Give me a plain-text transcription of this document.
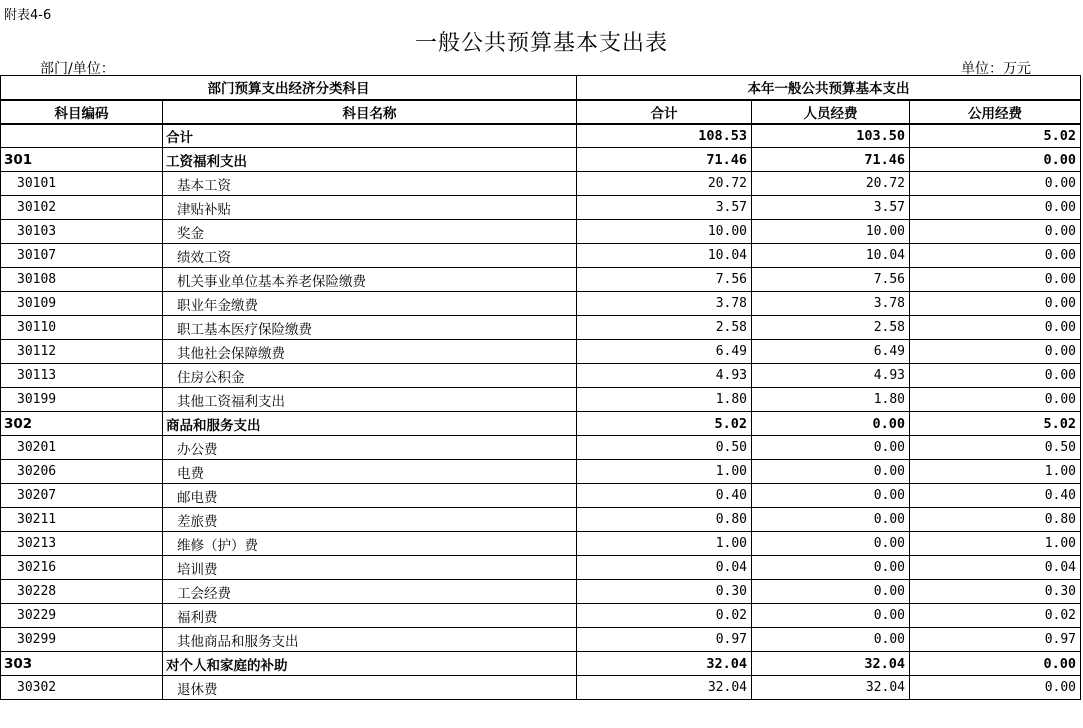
附表4-6
一般公共预算基本支出表
部门/单位：	单位：万元
部门预算支出经济分类科目		本年一般公共预算基本支出		
科目编码	科目名称	合计	人员经费	公用经费
	合计	108.53	103.50	5.02
301	工资福利支出	71.46	71.46	0.00
30101	基本工资	20.72	20.72	0.00
30102	津贴补贴	3.57	3.57	0.00
30103	奖金	10.00	10.00	0.00
30107	绩效工资	10.04	10.04	0.00
30108	机关事业单位基本养老保险缴费	7.56	7.56	0.00
30109	职业年金缴费	3.78	3.78	0.00
30110	职工基本医疗保险缴费	2.58	2.58	0.00
30112	其他社会保障缴费	6.49	6.49	0.00
30113	住房公积金	4.93	4.93	0.00
30199	其他工资福利支出	1.80	1.80	0.00
302	商品和服务支出	5.02	0.00	5.02
30201	办公费	0.50	0.00	0.50
30206	电费	1.00	0.00	1.00
30207	邮电费	0.40	0.00	0.40
30211	差旅费	0.80	0.00	0.80
30213	维修（护）费	1.00	0.00	1.00
30216	培训费	0.04	0.00	0.04
30228	工会经费	0.30	0.00	0.30
30229	福利费	0.02	0.00	0.02
30299	其他商品和服务支出	0.97	0.00	0.97
303	对个人和家庭的补助	32.04	32.04	0.00
30302	退休费	32.04	32.04	0.00
